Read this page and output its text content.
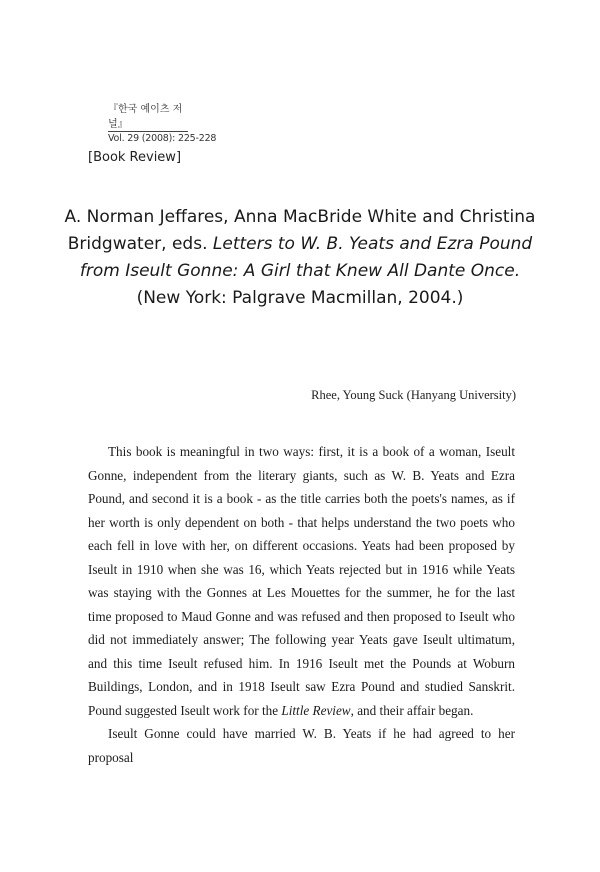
『한국 예이츠 저널』
Vol. 29 (2008): 225-228
[Book Review]
A. Norman Jeffares, Anna MacBride White and Christina Bridgwater, eds. Letters to W. B. Yeats and Ezra Pound from Iseult Gonne: A Girl that Knew All Dante Once.
(New York: Palgrave Macmillan, 2004.)
Rhee, Young Suck (Hanyang University)

This book is meaningful in two ways: first, it is a book of a woman, Iseult Gonne, independent from the literary giants, such as W. B. Yeats and Ezra Pound, and second it is a book - as the title carries both the poets's names, as if her worth is only dependent on both - that helps understand the two poets who each fell in love with her, on different occasions. Yeats had been proposed by Iseult in 1910 when she was 16, which Yeats rejected but in 1916 while Yeats was staying with the Gonnes at Les Mouettes for the summer, he for the last time proposed to Maud Gonne and was refused and then proposed to Iseult who did not immediately answer; The following year Yeats gave Iseult ultimatum, and this time Iseult refused him. In 1916 Iseult met the Pounds at Woburn Buildings, London, and in 1918 Iseult saw Ezra Pound and studied Sanskrit. Pound suggested Iseult work for the Little Review, and their affair began.

Iseult Gonne could have married W. B. Yeats if he had agreed to her proposal
